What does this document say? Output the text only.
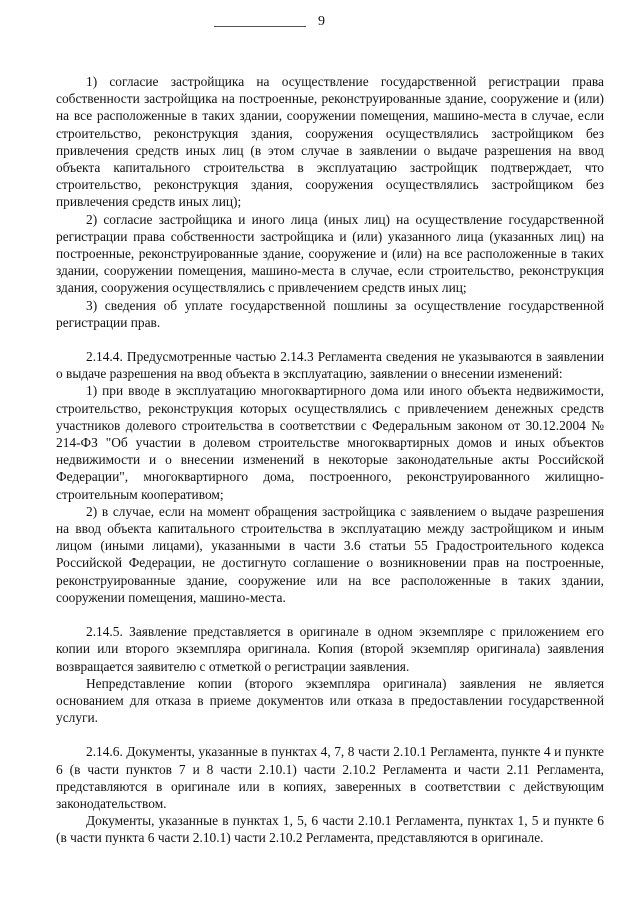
9

1) согласие застройщика на осуществление государственной регистрации права собственности застройщика на построенные, реконструированные здание, сооружение и (или) на все расположенные в таких здании, сооружении помещения, машино-места в случае, если строительство, реконструкция здания, сооружения осуществлялись застройщиком без привлечения средств иных лиц (в этом случае в заявлении о выдаче разрешения на ввод объекта капитального строительства в эксплуатацию застройщик подтверждает, что строительство, реконструкция здания, сооружения осуществлялись застройщиком без привлечения средств иных лиц);

2) согласие застройщика и иного лица (иных лиц) на осуществление государственной регистрации права собственности застройщика и (или) указанного лица (указанных лиц) на построенные, реконструированные здание, сооружение и (или) на все расположенные в таких здании, сооружении помещения, машино-места в случае, если строительство, реконструкция здания, сооружения осуществлялись с привлечением средств иных лиц;

3) сведения об уплате государственной пошлины за осуществление государственной регистрации прав.

2.14.4. Предусмотренные частью 2.14.3 Регламента сведения не указываются в заявлении о выдаче разрешения на ввод объекта в эксплуатацию, заявлении о внесении изменений:

1) при вводе в эксплуатацию многоквартирного дома или иного объекта недвижимости, строительство, реконструкция которых осуществлялись с привлечением денежных средств участников долевого строительства в соответствии с Федеральным законом от 30.12.2004 № 214-ФЗ "Об участии в долевом строительстве многоквартирных домов и иных объектов недвижимости и о внесении изменений в некоторые законодательные акты Российской Федерации", многоквартирного дома, построенного, реконструированного жилищно-строительным кооперативом;

2) в случае, если на момент обращения застройщика с заявлением о выдаче разрешения на ввод объекта капитального строительства в эксплуатацию между застройщиком и иным лицом (иными лицами), указанными в части 3.6 статьи 55 Градостроительного кодекса Российской Федерации, не достигнуто соглашение о возникновении прав на построенные, реконструированные здание, сооружение или на все расположенные в таких здании, сооружении помещения, машино-места.

2.14.5. Заявление представляется в оригинале в одном экземпляре с приложением его копии или второго экземпляра оригинала. Копия (второй экземпляр оригинала) заявления возвращается заявителю с отметкой о регистрации заявления.

Непредставление копии (второго экземпляра оригинала) заявления не является основанием для отказа в приеме документов или отказа в предоставлении государственной услуги.

2.14.6. Документы, указанные в пунктах 4, 7, 8 части 2.10.1 Регламента, пункте 4 и пункте 6 (в части пунктов 7 и 8 части 2.10.1) части 2.10.2 Регламента и части 2.11 Регламента, представляются в оригинале или в копиях, заверенных в соответствии с действующим законодательством.

Документы, указанные в пунктах 1, 5, 6 части 2.10.1 Регламента, пунктах 1, 5 и пункте 6 (в части пункта 6 части 2.10.1) части 2.10.2 Регламента, представляются в оригинале.
